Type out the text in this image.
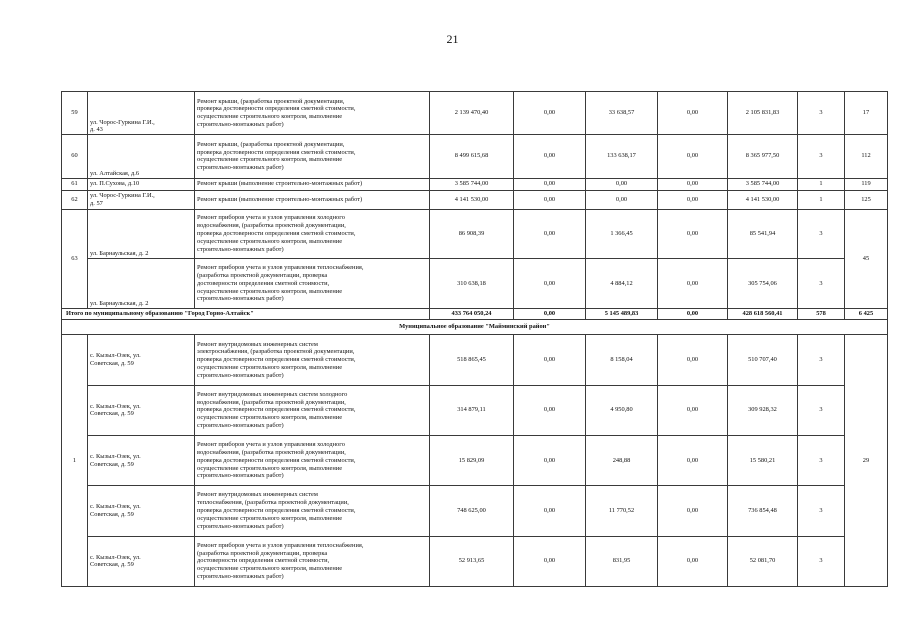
21
59	ул. Чорос-Гуркина Г.И.,
д. 43	Ремонт крыши, (разработка проектной документации,
проверка достоверности определения сметной стоимости,
осуществление строительного контроля, выполнение
строительно-монтажных работ)	2 139 470,40	0,00	33 638,57	0,00	2 105 831,83	3	17
60	ул. Алтайская, д.6	Ремонт крыши, (разработка проектной документации,
проверка достоверности определения сметной стоимости,
осуществление строительного контроля, выполнение
строительно-монтажных работ)	8 499 615,68	0,00	133 638,17	0,00	8 365 977,50	3	112
61	ул. П.Сухова, д.10	Ремонт крыши (выполнение строительно-монтажных работ)	3 585 744,00	0,00	0,00	0,00	3 585 744,00	1	119
62	ул. Чорос-Гуркина Г.И.,
д. 57	Ремонт крыши (выполнение строительно-монтажных работ)	4 141 530,00	0,00	0,00	0,00	4 141 530,00	1	125
63	ул. Барнаульская, д. 2	Ремонт приборов учета и узлов управления холодного
водоснабжения, (разработка проектной документации,
проверка достоверности определения сметной стоимости,
осуществление строительного контроля, выполнение
строительно-монтажных работ)	86 908,39	0,00	1 366,45	0,00	85 541,94	3	45
	ул. Барнаульская, д. 2	Ремонт приборов учета и узлов управления теплоснабжения,
(разработка проектной документации, проверка
достоверности определения сметной стоимости,
осуществление строительного контроля, выполнение
строительно-монтажных работ)	310 638,18	0,00	4 884,12	0,00	305 754,06	3	
Итого по муниципальному образованию "Город Горно-Алтайск"			433 764 050,24	0,00	5 145 489,83	0,00	428 618 560,41	578	6 425
Муниципальное образование "Майминский район"									
1	с. Кызыл-Озек, ул.
Советская, д. 59	Ремонт внутридомовых инженерных систем
электроснабжения, (разработка проектной документации,
проверка достоверности определения сметной стоимости,
осуществление строительного контроля, выполнение
строительно-монтажных работ)	518 865,45	0,00	8 158,04	0,00	510 707,40	3	29
	с. Кызыл-Озек, ул.
Советская, д. 59	Ремонт внутридомовых инженерных систем холодного
водоснабжения, (разработка проектной документации,
проверка достоверности определения сметной стоимости,
осуществление строительного контроля, выполнение
строительно-монтажных работ)	314 879,11	0,00	4 950,80	0,00	309 928,32	3	
	с. Кызыл-Озек, ул.
Советская, д. 59	Ремонт приборов учета и узлов управления холодного
водоснабжения, (разработка проектной документации,
проверка достоверности определения сметной стоимости,
осуществление строительного контроля, выполнение
строительно-монтажных работ)	15 829,09	0,00	248,88	0,00	15 580,21	3	
	с. Кызыл-Озек, ул.
Советская, д. 59	Ремонт внутридомовых инженерных систем
теплоснабжения, (разработка проектной документации,
проверка достоверности определения сметной стоимости,
осуществление строительного контроля, выполнение
строительно-монтажных работ)	748 625,00	0,00	11 770,52	0,00	736 854,48	3	
	с. Кызыл-Озек, ул.
Советская, д. 59	Ремонт приборов учета и узлов управления теплоснабжения,
(разработка проектной документации, проверка
достоверности определения сметной стоимости,
осуществление строительного контроля, выполнение
строительно-монтажных работ)	52 913,65	0,00	831,95	0,00	52 081,70	3	
